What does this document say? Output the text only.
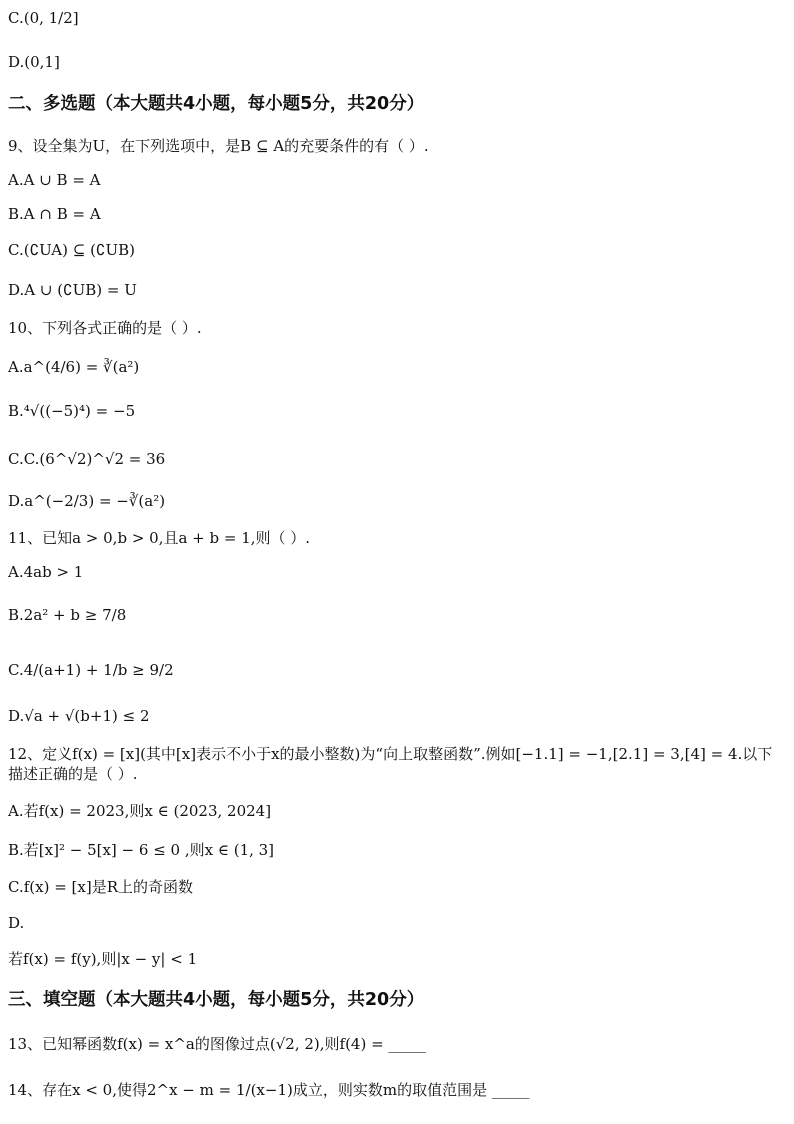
C.(0, 1/2]
D.(0,1]
二、多选题（本大题共4小题，每小题5分，共20分）
9、设全集为U，在下列选项中，是B ⊆ A的充要条件的有（ ）.
A.A ∪ B = A
B.A ∩ B = A
C.(∁UA) ⊆ (∁UB)
D.A ∪ (∁UB) = U
10、下列各式正确的是（ ）.
A.a^(4/6) = ∛(a²)
B.⁴√((−5)⁴) = −5
C.C.(6^√2)^√2 = 36
D.a^(−2/3) = −∛(a²)
11、已知a > 0,b > 0,且a + b = 1,则（ ）.
A.4ab > 1
B.2a² + b ≥ 7/8
C.4/(a+1) + 1/b ≥ 9/2
D.√a + √(b+1) ≤ 2
12、定义f(x) = [x](其中[x]表示不小于x的最小整数)为“向上取整函数”.例如[−1.1] = −1,[2.1] = 3,[4] = 4.以下描述正确的是（ ）.
A.若f(x) = 2023,则x ∈ (2023, 2024]
B.若[x]² − 5[x] − 6 ≤ 0 ,则x ∈ (1, 3]
C.f(x) = [x]是R上的奇函数
D.
若f(x) = f(y),则|x − y| < 1
三、填空题（本大题共4小题，每小题5分，共20分）
13、已知幂函数f(x) = x^a的图像过点(√2, 2),则f(4) = _____
14、存在x < 0,使得2^x − m = 1/(x−1)成立，则实数m的取值范围是 _____
